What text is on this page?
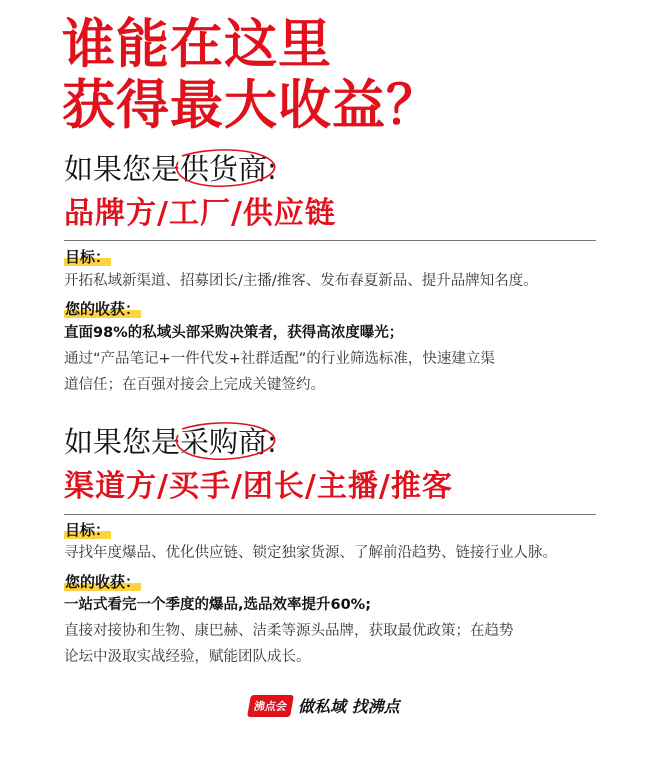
谁能在这里
获得最大收益？
如果您是
供货商:
品牌方/工厂/供应链
目标：
开拓私域新渠道、招募团长/主播/推客、发布春夏新品、提升品牌知名度。
您的收获：

直面98%的私域头部采购决策者，获得高浓度曝光；

通过“产品笔记+一件代发+社群适配”的行业筛选标准，快速建立渠

道信任；在百强对接会上完成关键签约。

如果您是
采购商:
渠道方/买手/团长/主播/推客
目标：
寻找年度爆品、优化供应链、锁定独家货源、了解前沿趋势、链接行业人脉。
您的收获：

一站式看完一个季度的爆品,选品效率提升60%;

直接对接协和生物、康巴赫、洁柔等源头品牌，获取最优政策；在趋势

论坛中汲取实战经验，赋能团队成长。

沸点会 做私域 找沸点
